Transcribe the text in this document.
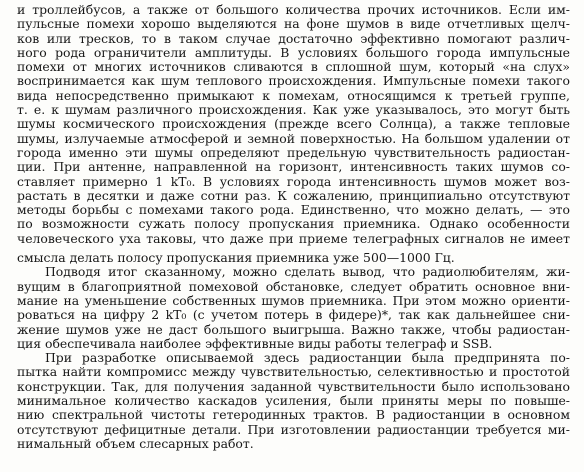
и троллейбусов, а также от большого количества прочих источников. Если им-
пульсные помехи хорошо выделяются на фоне шумов в виде отчетливых щелч-
ков или тресков, то в таком случае достаточно эффективно помогают различ-
ного рода ограничители амплитуды. В условиях большого города импульсные
помехи от многих источников сливаются в сплошной шум, который «на слух»
воспринимается как шум теплового происхождения. Импульсные помехи такого
вида непосредственно примыкают к помехам, относящимся к третьей группе,
т. е. к шумам различного происхождения. Как уже указывалось, это могут быть
шумы космического происхождения (прежде всего Солнца), а также тепловые
шумы, излучаемые атмосферой и земной поверхностью. На большом удалении от
города именно эти шумы определяют предельную чувствительность радиостан-
ции. При антенне, направленной на горизонт, интенсивность таких шумов со-
ставляет примерно 1 kT₀. В условиях города интенсивность шумов может воз-
растать в десятки и даже сотни раз. К сожалению, принципиально отсутствуют
методы борьбы с помехами такого рода. Единственно, что можно делать, — это
по возможности сужать полосу пропускания приемника. Однако особенности
человеческого уха таковы, что даже при приеме телеграфных сигналов не имеет
смысла делать полосу пропускания приемника уже 500—1000 Гц.
Подводя итог сказанному, можно сделать вывод, что радиолюбителям, жи-
вущим в благоприятной помеховой обстановке, следует обратить основное вни-
мание на уменьшение собственных шумов приемника. При этом можно ориенти-
роваться на цифру 2 kT₀ (с учетом потерь в фидере)*, так как дальнейшее сни-
жение шумов уже не даст большого выигрыша. Важно также, чтобы радиостан-
ция обеспечивала наиболее эффективные виды работы телеграф и SSB.
При разработке описываемой здесь радиостанции была предпринята по-
пытка найти компромисс между чувствительностью, селективностью и простотой
конструкции. Так, для получения заданной чувствительности было использовано
минимальное количество каскадов усиления, были приняты меры по повыше-
нию спектральной чистоты гетеродинных трактов. В радиостанции в основном
отсутствуют дефицитные детали. При изготовлении радиостанции требуется ми-
нимальный объем слесарных работ.
